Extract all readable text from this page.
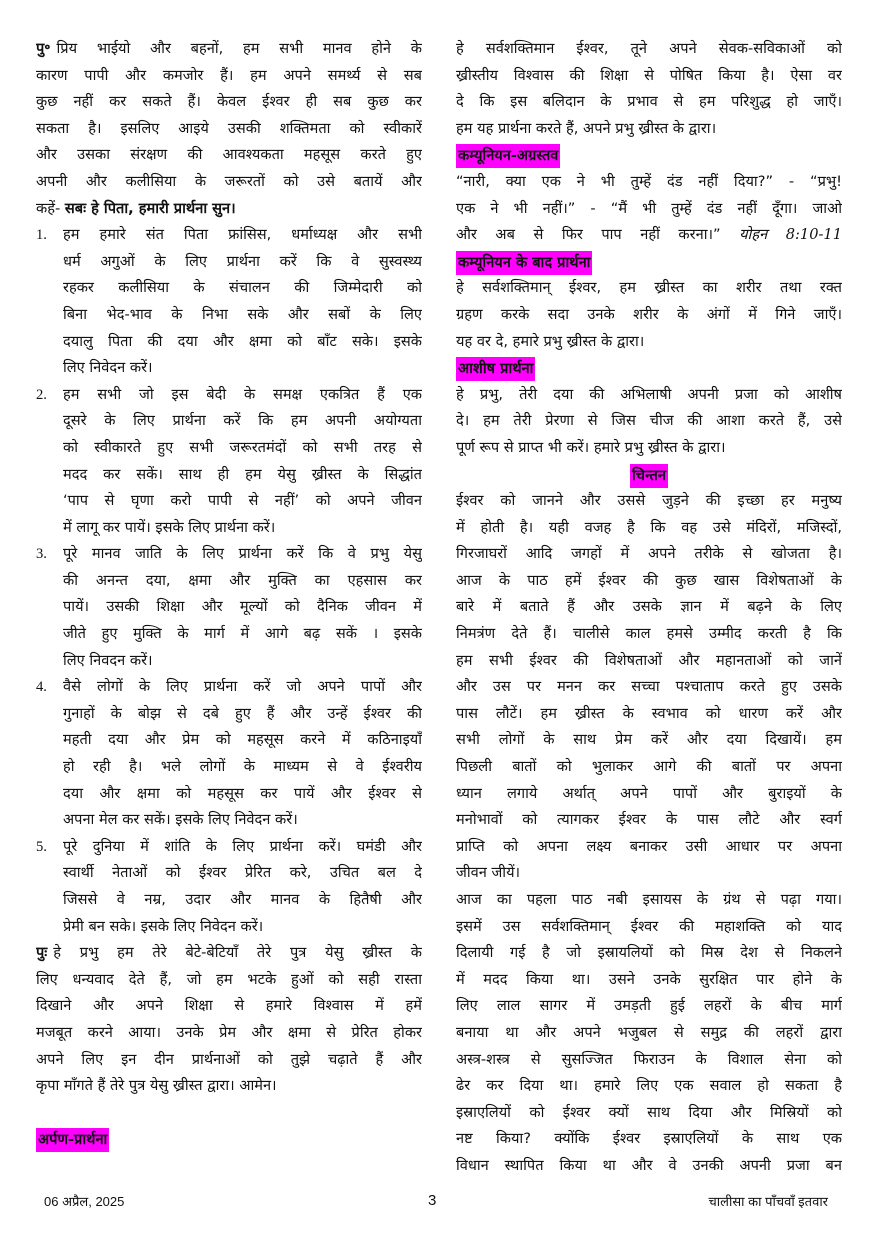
पु॰ प्रिय भाईयो और बहनों, हम सभी मानव होने के
कारण पापी और कमजोर हैं। हम अपने समर्थ्य से सब
कुछ नहीं कर सकते हैं। केवल ईश्वर ही सब कुछ कर
सकता है। इसलिए आइये उसकी शक्तिमता को स्वीकारें
और उसका संरक्षण की आवश्यकता महसूस करते हुए
अपनी और कलीसिया के जरूरतों को उसे बतायें और
कहें- सबः हे पिता, हमारी प्रार्थना सुन।
1. हम हमारे संत पिता फ्रांसिस, धर्माध्यक्ष और सभी
धर्म अगुओं के लिए प्रार्थना करें कि वे सुस्वस्थ्य
रहकर कलीसिया के संचालन की जिम्मेदारी को
बिना भेद-भाव के निभा सके और सबों के लिए
दयालु पिता की दया और क्षमा को बाँट सके। इसके
लिए निवेदन करें।
2. हम सभी जो इस बेदी के समक्ष एकत्रित हैं एक
दूसरे के लिए प्रार्थना करें कि हम अपनी अयोग्यता
को स्वीकारते हुए सभी जरूरतमंदों को सभी तरह से
मदद कर सकें। साथ ही हम येसु ख्रीस्त के सिद्धांत
‘पाप से घृणा करो पापी से नहीं’ को अपने जीवन
में लागू कर पायें। इसके लिए प्रार्थना करें।
3. पूरे मानव जाति के लिए प्रार्थना करें कि वे प्रभु येसु
की अनन्त दया, क्षमा और मुक्ति का एहसास कर
पायें। उसकी शिक्षा और मूल्यों को दैनिक जीवन में
जीते हुए मुक्ति के मार्ग में आगे बढ़ सकें । इसके
लिए निवदन करें।
4. वैसे लोगों के लिए प्रार्थना करें जो अपने पापों और
गुनाहों के बोझ से दबे हुए हैं और उन्हें ईश्वर की
महती दया और प्रेम को महसूस करने में कठिनाइयाँ
हो रही है। भले लोगों के माध्यम से वे ईश्वरीय
दया और क्षमा को महसूस कर पायें और ईश्वर से
अपना मेल कर सकें। इसके लिए निवेदन करें।
5. पूरे दुनिया में शांति के लिए प्रार्थना करें। घमंडी और
स्वार्थी नेताओं को ईश्वर प्रेरित करे, उचित बल दे
जिससे वे नम्र, उदार और मानव के हितैषी और
प्रेमी बन सके। इसके लिए निवेदन करें।
पुः हे प्रभु हम तेरे बेटे-बेटियाँ तेरे पुत्र येसु ख्रीस्त के
लिए धन्यवाद देते हैं, जो हम भटके हुओं को सही रास्ता
दिखाने और अपने शिक्षा से हमारे विश्वास में हमें
मजबूत करने आया। उनके प्रेम और क्षमा से प्रेरित होकर
अपने लिए इन दीन प्रार्थनाओं को तुझे चढ़ाते हैं और
कृपा माँगते हैं तेरे पुत्र येसु ख्रीस्त द्वारा। आमेन।
अर्पण-प्रार्थना
हे सर्वशक्तिमान ईश्वर, तूने अपने सेवक-सविकाओं को
ख्रीस्तीय विश्वास की शिक्षा से पोषित किया है। ऐसा वर
दे कि इस बलिदान के प्रभाव से हम परिशुद्ध हो जाएँ।
हम यह प्रार्थना करते हैं, अपने प्रभु ख्रीस्त के द्वारा।
कम्यूनियन-अग्रस्तव
“नारी, क्या एक ने भी तुम्हें दंड नहीं दिया?” - “प्रभु!
एक ने भी नहीं।” - “मैं भी तुम्हें दंड नहीं दूँगा। जाओ
और अब से फिर पाप नहीं करना।” योहन 8:10-11
कम्यूनियन के बाद प्रार्थना
हे सर्वशक्तिमान् ईश्वर, हम ख्रीस्त का शरीर तथा रक्त
ग्रहण करके सदा उनके शरीर के अंगों में गिने जाएँ।
यह वर दे, हमारे प्रभु ख्रीस्त के द्वारा।
आशीष प्रार्थना
हे प्रभु, तेरी दया की अभिलाषी अपनी प्रजा को आशीष
दे। हम तेरी प्रेरणा से जिस चीज की आशा करते हैं, उसे
पूर्ण रूप से प्राप्त भी करें। हमारे प्रभु ख्रीस्त के द्वारा।
चिन्तन
ईश्वर को जानने और उससे जुड़ने की इच्छा हर मनुष्य
में होती है। यही वजह है कि वह उसे मंदिरों, मजिस्दों,
गिरजाघरों आदि जगहों में अपने तरीके से खोजता है।
आज के पाठ हमें ईश्वर की कुछ खास विशेषताओं के
बारे में बताते हैं और उसके ज्ञान में बढ़ने के लिए
निमत्रंण देते हैं। चालीसे काल हमसे उम्मीद करती है कि
हम सभी ईश्वर की विशेषताओं और महानताओं को जानें
और उस पर मनन कर सच्चा पश्चाताप करते हुए उसके
पास लौटें। हम ख्रीस्त के स्वभाव को धारण करें और
सभी लोगों के साथ प्रेम करें और दया दिखायें। हम
पिछली बातों को भुलाकर आगे की बातों पर अपना
ध्यान लगाये अर्थात् अपने पापों और बुराइयों के
मनोभावों को त्यागकर ईश्वर के पास लौटे और स्वर्ग
प्राप्ति को अपना लक्ष्य बनाकर उसी आधार पर अपना
जीवन जीयें।
आज का पहला पाठ नबी इसायस के ग्रंथ से पढ़ा गया।
इसमें उस सर्वशक्तिमान् ईश्वर की महाशक्ति को याद
दिलायी गई है जो इस्रायलियों को मिस्र देश से निकलने
में मदद किया था। उसने उनके सुरक्षित पार होने के
लिए लाल सागर में उमड़ती हुई लहरों के बीच मार्ग
बनाया था और अपने भजुबल से समुद्र की लहरों द्वारा
अस्त्र-शस्त्र से सुसज्जित फिराउन के विशाल सेना को
ढेर कर दिया था। हमारे लिए एक सवाल हो सकता है
इस्राएलियों को ईश्वर क्यों साथ दिया और मिस्रियों को
नष्ट किया? क्योंकि ईश्वर इस्राएलियों के साथ एक
विधान स्थापित किया था और वे उनकी अपनी प्रजा बन
06 अप्रैल, 2025	3	चालीसा का पाँचवाँ इतवार
